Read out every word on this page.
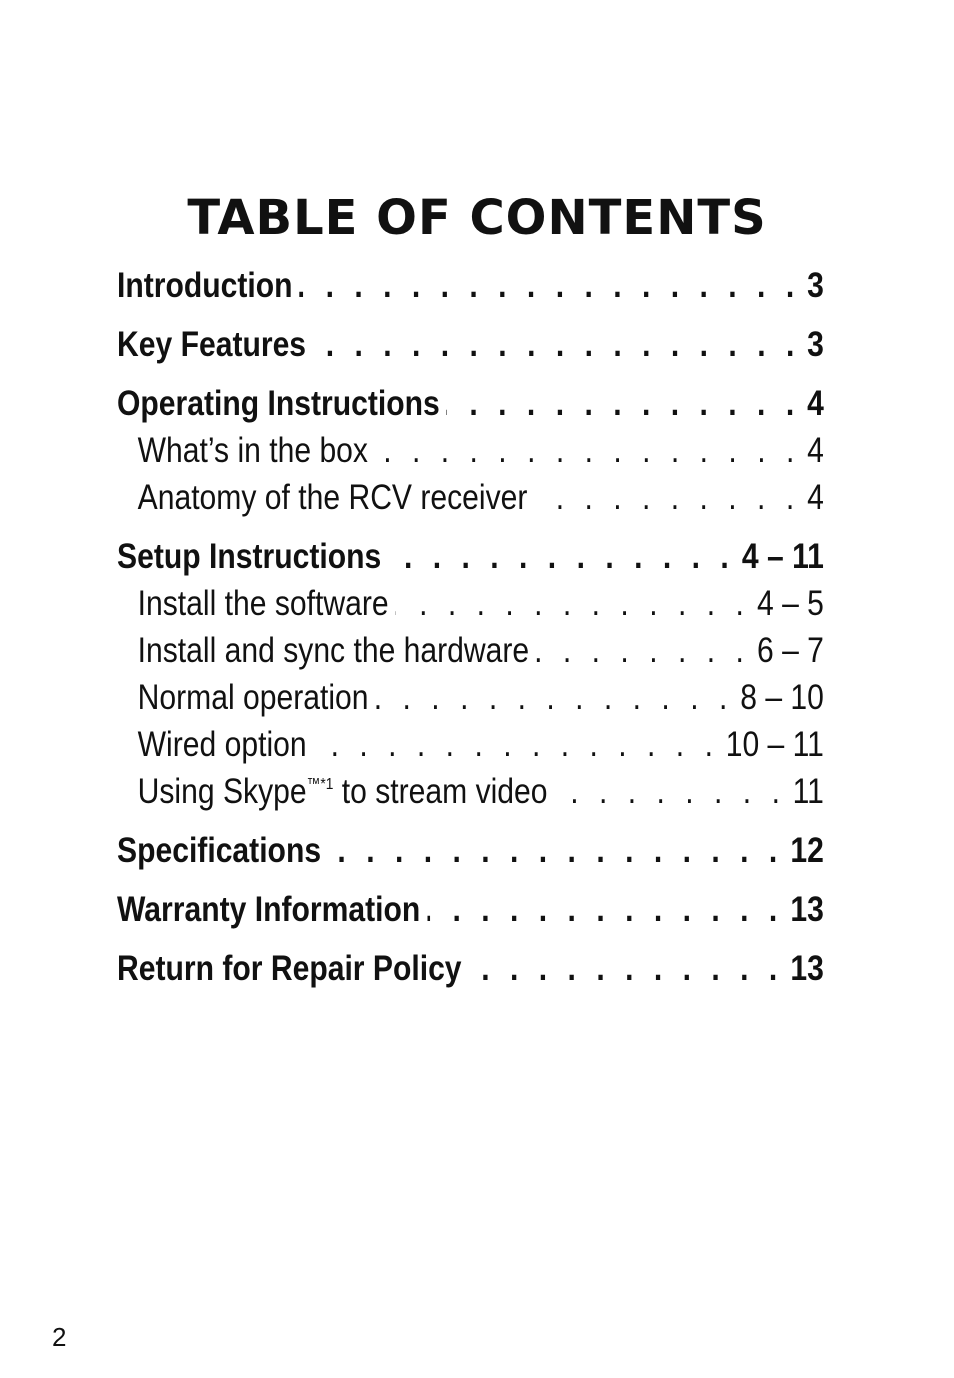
TABLE OF CONTENTS
Introduction . . .	3
Key Features . . .	3
Operating Instructions . . .	4
What’s in the box . . .	4
Anatomy of the RCV receiver . . .	4
Setup Instructions . . .	4 – 11
Install the software . . .	4 – 5
Install and sync the hardware . . .	6 – 7
Normal operation . . .	8 – 10
Wired option . . .	10 – 11
Using Skype$^{™*1}$ to stream video . . .	11
Specifications . . .	12
Warranty Information . . .	13
Return for Repair Policy . . .	13
2
